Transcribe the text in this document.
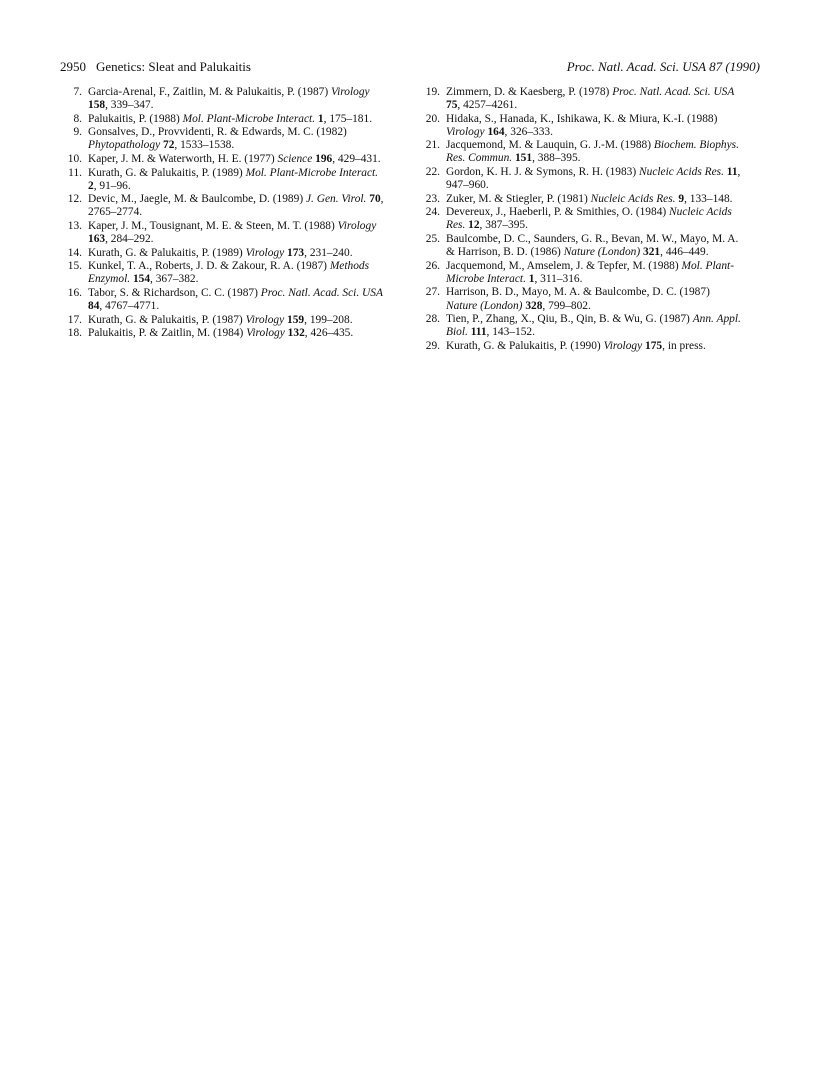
2950 Genetics: Sleat and Palukaitis	Proc. Natl. Acad. Sci. USA 87 (1990)

7. Garcia-Arenal, F., Zaitlin, M. & Palukaitis, P. (1987) Virology 158, 339–347.

8. Palukaitis, P. (1988) Mol. Plant-Microbe Interact. 1, 175–181.

9. Gonsalves, D., Provvidenti, R. & Edwards, M. C. (1982) Phytopathology 72, 1533–1538.

10. Kaper, J. M. & Waterworth, H. E. (1977) Science 196, 429–431.

11. Kurath, G. & Palukaitis, P. (1989) Mol. Plant-Microbe Interact. 2, 91–96.

12. Devic, M., Jaegle, M. & Baulcombe, D. (1989) J. Gen. Virol. 70, 2765–2774.

13. Kaper, J. M., Tousignant, M. E. & Steen, M. T. (1988) Virology 163, 284–292.

14. Kurath, G. & Palukaitis, P. (1989) Virology 173, 231–240.

15. Kunkel, T. A., Roberts, J. D. & Zakour, R. A. (1987) Methods Enzymol. 154, 367–382.

16. Tabor, S. & Richardson, C. C. (1987) Proc. Natl. Acad. Sci. USA 84, 4767–4771.

17. Kurath, G. & Palukaitis, P. (1987) Virology 159, 199–208.

18. Palukaitis, P. & Zaitlin, M. (1984) Virology 132, 426–435.

19. Zimmern, D. & Kaesberg, P. (1978) Proc. Natl. Acad. Sci. USA 75, 4257–4261.

20. Hidaka, S., Hanada, K., Ishikawa, K. & Miura, K.-I. (1988) Virology 164, 326–333.

21. Jacquemond, M. & Lauquin, G. J.-M. (1988) Biochem. Biophys. Res. Commun. 151, 388–395.

22. Gordon, K. H. J. & Symons, R. H. (1983) Nucleic Acids Res. 11, 947–960.

23. Zuker, M. & Stiegler, P. (1981) Nucleic Acids Res. 9, 133–148.

24. Devereux, J., Haeberli, P. & Smithies, O. (1984) Nucleic Acids Res. 12, 387–395.

25. Baulcombe, D. C., Saunders, G. R., Bevan, M. W., Mayo, M. A. & Harrison, B. D. (1986) Nature (London) 321, 446–449.

26. Jacquemond, M., Amselem, J. & Tepfer, M. (1988) Mol. Plant-Microbe Interact. 1, 311–316.

27. Harrison, B. D., Mayo, M. A. & Baulcombe, D. C. (1987) Nature (London) 328, 799–802.

28. Tien, P., Zhang, X., Qiu, B., Qin, B. & Wu, G. (1987) Ann. Appl. Biol. 111, 143–152.

29. Kurath, G. & Palukaitis, P. (1990) Virology 175, in press.
